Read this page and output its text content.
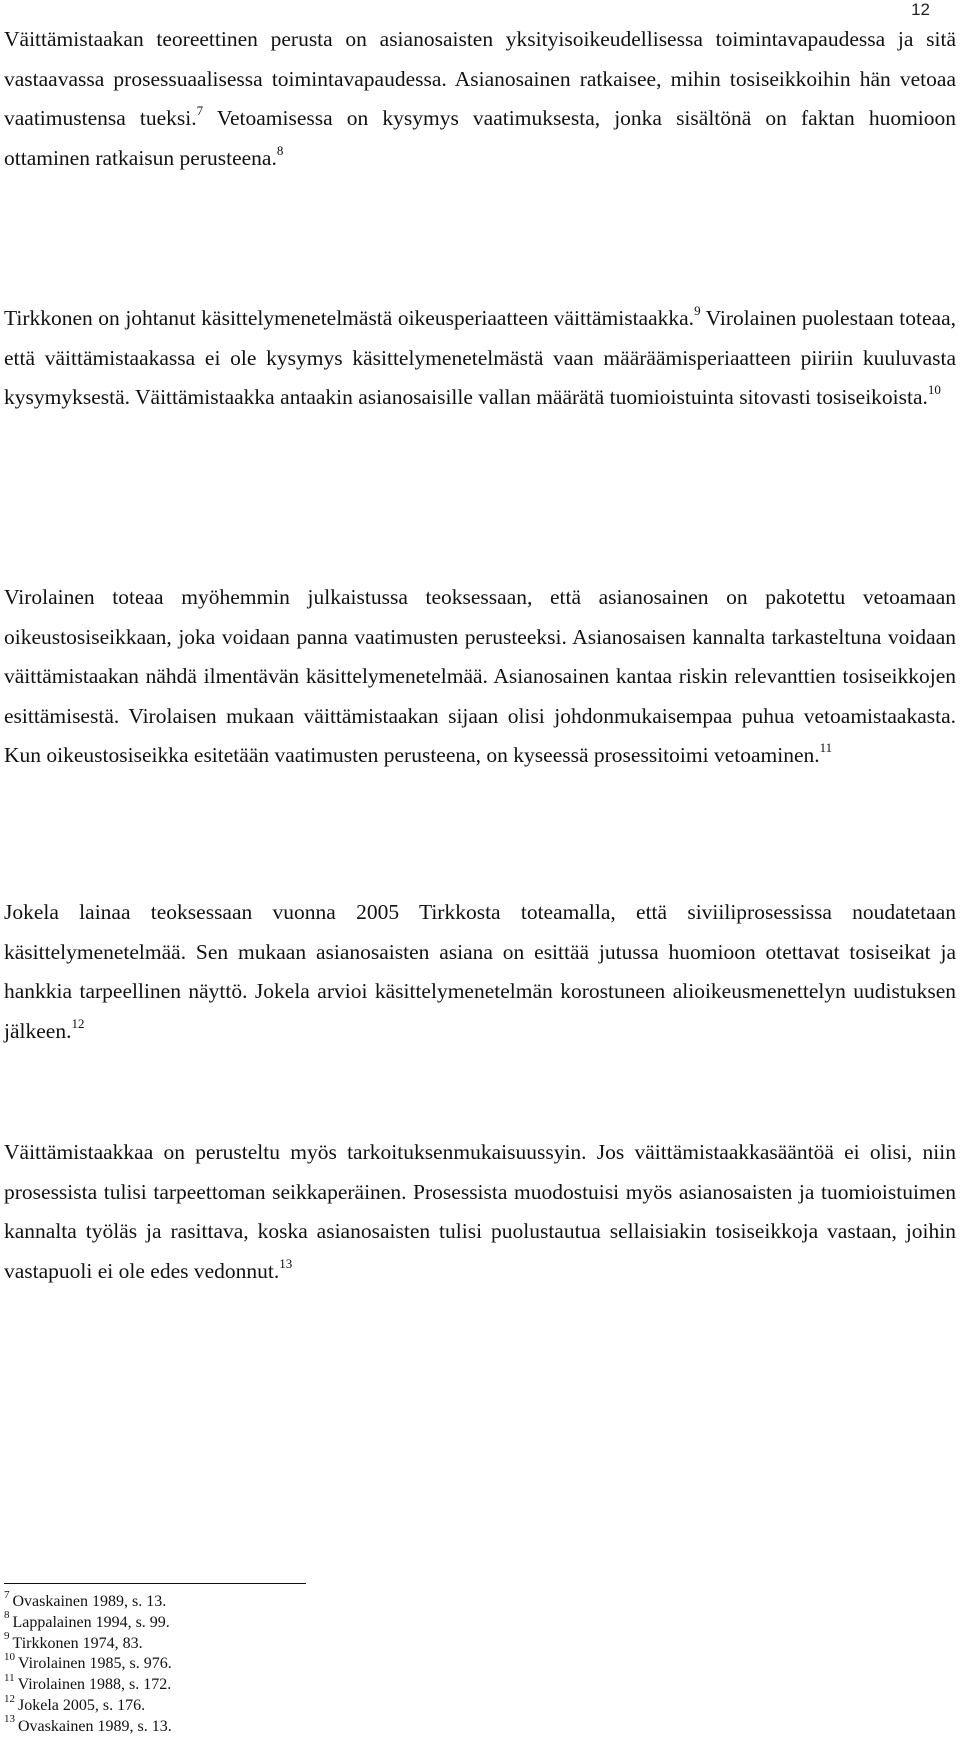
12

Väittämistaakan teoreettinen perusta on asianosaisten yksityisoikeudellisessa toimintavapaudessa ja sitä vastaavassa prosessuaalisessa toimintavapaudessa. Asianosainen ratkaisee, mihin tosiseikkoihin hän vetoaa vaatimustensa tueksi.$^7$ Vetoamisessa on kysymys vaatimuksesta, jonka sisältönä on faktan huomioon ottaminen ratkaisun perusteena.$^8$

Tirkkonen on johtanut käsittelymenetelmästä oikeusperiaatteen väittämistaakka.$^9$ Virolainen puolestaan toteaa, että väittämistaakassa ei ole kysymys käsittelymenetelmästä vaan määräämisperiaatteen piiriin kuuluvasta kysymyksestä. Väittämistaakka antaakin asianosaisille vallan määrätä tuomioistuinta sitovasti tosiseikoista.$^{10}$

Virolainen toteaa myöhemmin julkaistussa teoksessaan, että asianosainen on pakotettu vetoamaan oikeustosiseikkaan, joka voidaan panna vaatimusten perusteeksi. Asianosaisen kannalta tarkasteltuna voidaan väittämistaakan nähdä ilmentävän käsittelymenetelmää. Asianosainen kantaa riskin relevanttien tosiseikkojen esittämisestä. Virolaisen mukaan väittämistaakan sijaan olisi johdonmukaisempaa puhua vetoamistaakasta. Kun oikeustosiseikka esitetään vaatimusten perusteena, on kyseessä prosessitoimi vetoaminen.$^{11}$

Jokela lainaa teoksessaan vuonna 2005 Tirkkosta toteamalla, että siviiliprosessissa noudatetaan käsittelymenetelmää. Sen mukaan asianosaisten asiana on esittää jutussa huomioon otettavat tosiseikat ja hankkia tarpeellinen näyttö. Jokela arvioi käsittelymenetelmän korostuneen alioikeusmenettelyn uudistuksen jälkeen.$^{12}$

Väittämistaakkaa on perusteltu myös tarkoituksenmukaisuussyin. Jos väittämistaakkasääntöä ei olisi, niin prosessista tulisi tarpeettoman seikkaperäinen. Prosessista muodostuisi myös asianosaisten ja tuomioistuimen kannalta työläs ja rasittava, koska asianosaisten tulisi puolustautua sellaisiakin tosiseikkoja vastaan, joihin vastapuoli ei ole edes vedonnut.$^{13}$

$^7$ Ovaskainen 1989, s. 13.
$^8$ Lappalainen 1994, s. 99.
$^9$ Tirkkonen 1974, 83.
$^{10}$ Virolainen 1985, s. 976.
$^{11}$ Virolainen 1988, s. 172.
$^{12}$ Jokela 2005, s. 176.
$^{13}$ Ovaskainen 1989, s. 13.
